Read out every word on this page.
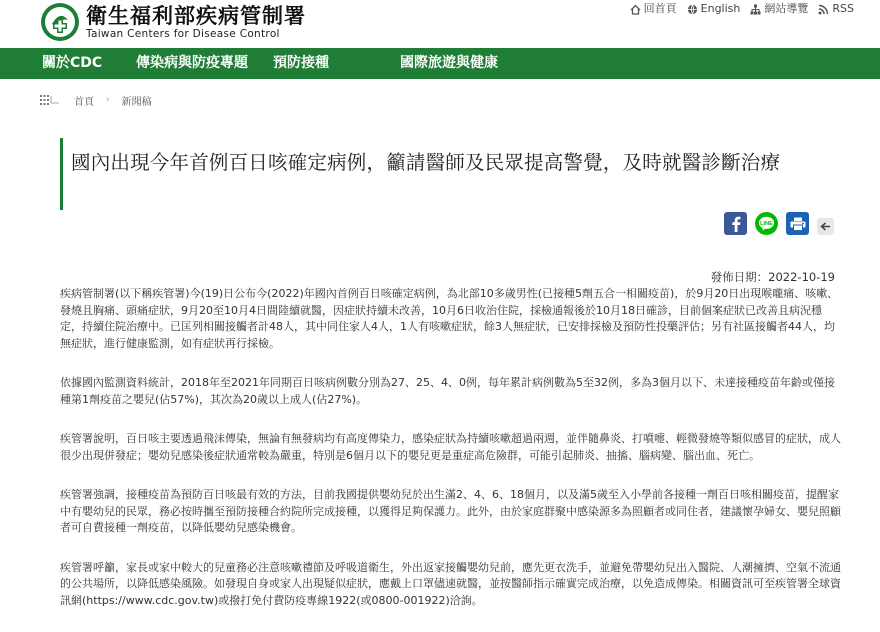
衛生福利部疾病管制署
Taiwan Centers for Disease Control
回首頁 English 網站導覽 RSS
關於CDC 傳染病與防疫專題 預防接種	國際旅遊與健康
首頁 › 新聞稿
國內出現今年首例百日咳確定病例，籲請醫師及民眾提高警覺，及時就醫診斷治療
LINE
發佈日期：2022-10-19

疾病管制署(以下稱疾管署)今(19)日公布今(2022)年國內首例百日咳確定病例，為北部10多歲男性(已接種5劑五合一相關疫苗)，於9月20日出現喉嚨痛、咳嗽、發燒且胸痛、頭痛症狀，9月20至10月4日間陸續就醫，因症狀持續未改善，10月6日收治住院，採檢通報後於10月18日確診，目前個案症狀已改善且病況穩定，持續住院治療中。已匡列相關接觸者計48人，其中同住家人4人，1人有咳嗽症狀，餘3人無症狀，已安排採檢及預防性投藥評估；另有社區接觸者44人，均無症狀，進行健康監測，如有症狀再行採檢。

依據國內監測資料統計，2018年至2021年同期百日咳病例數分別為27、25、4、0例，每年累計病例數為5至32例，多為3個月以下、未達接種疫苗年齡或僅接種第1劑疫苗之嬰兒(佔57%)，其次為20歲以上成人(佔27%)。

疾管署說明，百日咳主要透過飛沫傳染，無論有無發病均有高度傳染力，感染症狀為持續咳嗽超過兩週，並伴隨鼻炎、打噴嚏、輕微發燒等類似感冒的症狀，成人很少出現併發症；嬰幼兒感染後症狀通常較為嚴重，特別是6個月以下的嬰兒更是重症高危險群，可能引起肺炎、抽搐、腦病變、腦出血、死亡。

疾管署強調，接種疫苗為預防百日咳最有效的方法，目前我國提供嬰幼兒於出生滿2、4、6、18個月，以及滿5歲至入小學前各接種一劑百日咳相關疫苗，提醒家中有嬰幼兒的民眾，務必按時攜至預防接種合約院所完成接種，以獲得足夠保護力。此外，由於家庭群聚中感染源多為照顧者或同住者，建議懷孕婦女、嬰兒照顧者可自費接種一劑疫苗，以降低嬰幼兒感染機會。

疾管署呼籲，家長或家中較大的兒童務必注意咳嗽禮節及呼吸道衛生，外出返家接觸嬰幼兒前，應先更衣洗手，並避免帶嬰幼兒出入醫院、人潮擁擠、空氣不流通的公共場所，以降低感染風險。如發現自身或家人出現疑似症狀，應戴上口罩儘速就醫，並按醫師指示確實完成治療，以免造成傳染。相關資訊可至疾管署全球資訊網(https://www.cdc.gov.tw)或撥打免付費防疫專線1922(或0800-001922)洽詢。
